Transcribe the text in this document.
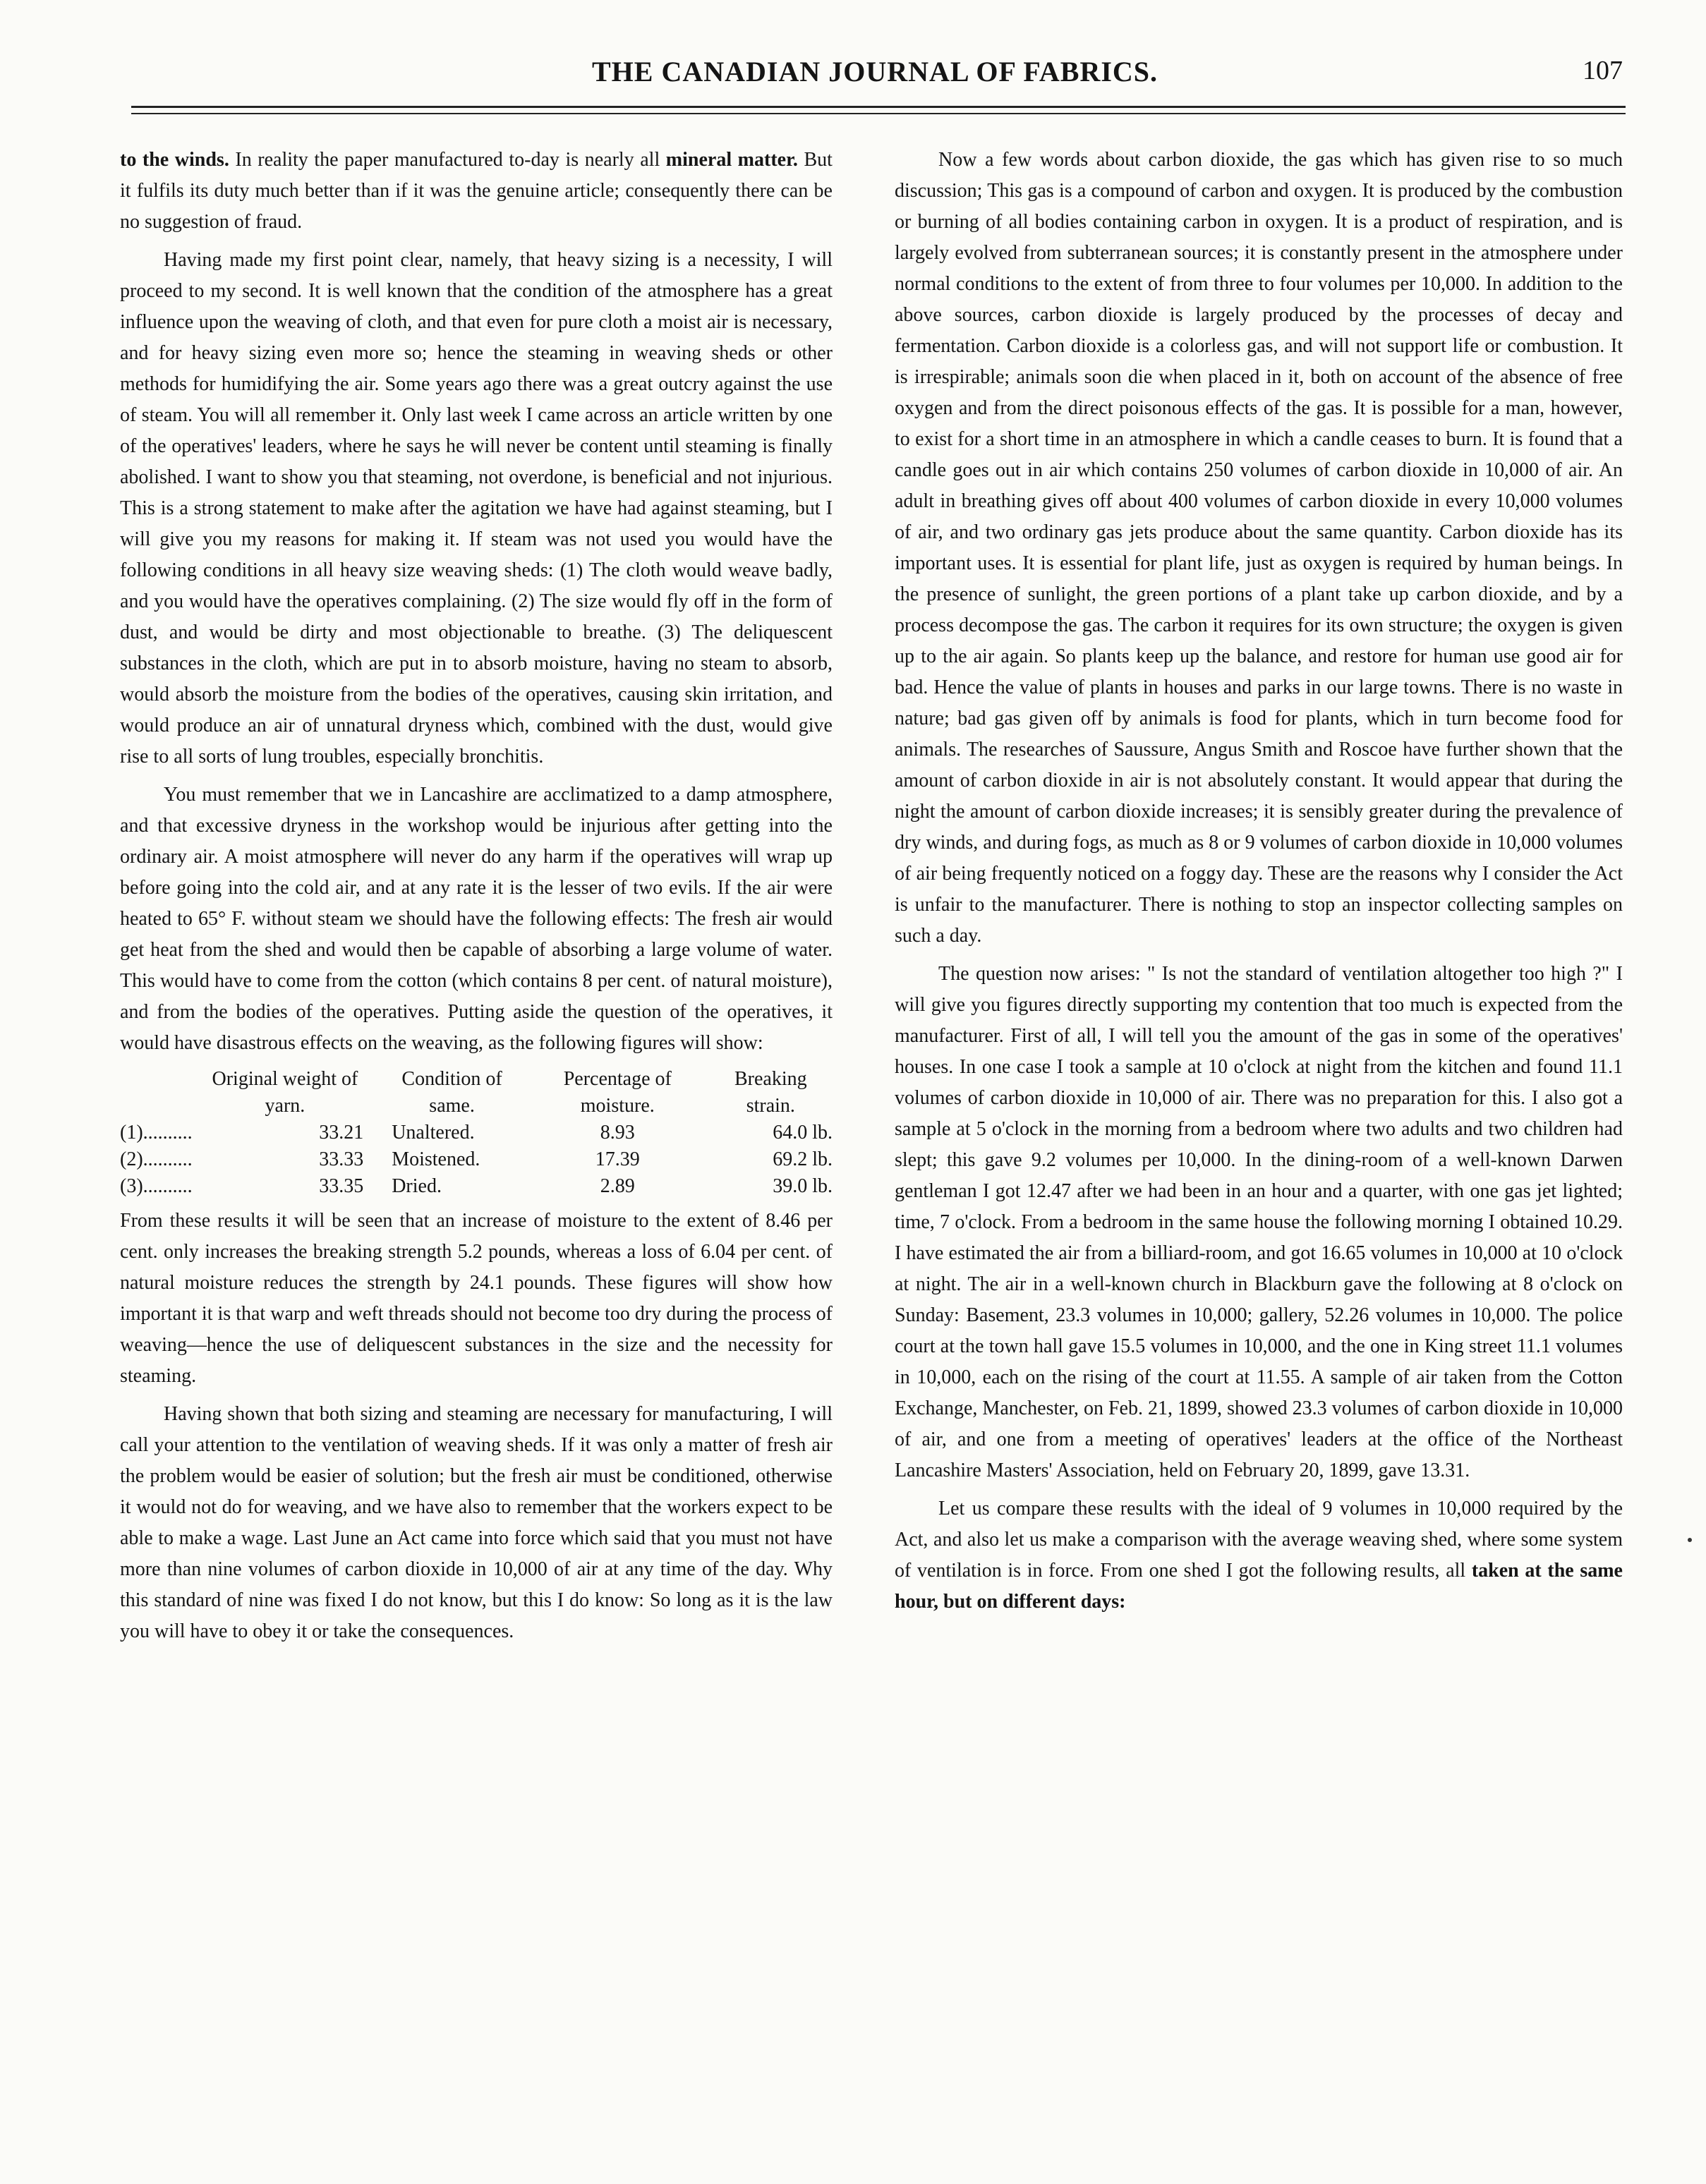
THE CANADIAN JOURNAL OF FABRICS.	107

to the winds. In reality the paper manufactured to-day is nearly all mineral matter. But it fulfils its duty much better than if it was the genuine article; consequently there can be no suggestion of fraud.

Having made my first point clear, namely, that heavy sizing is a necessity, I will proceed to my second. It is well known that the condition of the atmosphere has a great influence upon the weaving of cloth, and that even for pure cloth a moist air is necessary, and for heavy sizing even more so; hence the steaming in weaving sheds or other methods for humidifying the air. Some years ago there was a great outcry against the use of steam. You will all remember it. Only last week I came across an article written by one of the operatives' leaders, where he says he will never be content until steaming is finally abolished. I want to show you that steaming, not overdone, is beneficial and not injurious. This is a strong statement to make after the agitation we have had against steaming, but I will give you my reasons for making it. If steam was not used you would have the following conditions in all heavy size weaving sheds: (1) The cloth would weave badly, and you would have the operatives complaining. (2) The size would fly off in the form of dust, and would be dirty and most objectionable to breathe. (3) The deliquescent substances in the cloth, which are put in to absorb moisture, having no steam to absorb, would absorb the moisture from the bodies of the operatives, causing skin irritation, and would produce an air of unnatural dryness which, combined with the dust, would give rise to all sorts of lung troubles, especially bronchitis.

You must remember that we in Lancashire are acclimatized to a damp atmosphere, and that excessive dryness in the workshop would be injurious after getting into the ordinary air. A moist atmosphere will never do any harm if the operatives will wrap up before going into the cold air, and at any rate it is the lesser of two evils. If the air were heated to 65° F. without steam we should have the following effects: The fresh air would get heat from the shed and would then be capable of absorbing a large volume of water. This would have to come from the cotton (which contains 8 per cent. of natural moisture), and from the bodies of the operatives. Putting aside the question of the operatives, it would have disastrous effects on the weaving, as the following figures will show:

	Original weight of yarn.	Condition of same.	Percentage of moisture.	Breaking strain.
(1)..........	33.21	Unaltered.	8.93	64.0 lb.
(2)..........	33.33	Moistened.	17.39	69.2 lb.
(3)..........	33.35	Dried.	2.89	39.0 lb.

From these results it will be seen that an increase of moisture to the extent of 8.46 per cent. only increases the breaking strength 5.2 pounds, whereas a loss of 6.04 per cent. of natural moisture reduces the strength by 24.1 pounds. These figures will show how important it is that warp and weft threads should not become too dry during the process of weaving—hence the use of deliquescent substances in the size and the necessity for steaming.

Having shown that both sizing and steaming are necessary for manufacturing, I will call your attention to the ventilation of weaving sheds. If it was only a matter of fresh air the problem would be easier of solution; but the fresh air must be conditioned, otherwise it would not do for weaving, and we have also to remember that the workers expect to be able to make a wage. Last June an Act came into force which said that you must not have more than nine volumes of carbon dioxide in 10,000 of air at any time of the day. Why this standard of nine was fixed I do not know, but this I do know: So long as it is the law you will have to obey it or take the consequences.

Now a few words about carbon dioxide, the gas which has given rise to so much discussion; This gas is a compound of carbon and oxygen. It is produced by the combustion or burning of all bodies containing carbon in oxygen. It is a product of respiration, and is largely evolved from subterranean sources; it is constantly present in the atmosphere under normal conditions to the extent of from three to four volumes per 10,000. In addition to the above sources, carbon dioxide is largely produced by the processes of decay and fermentation. Carbon dioxide is a colorless gas, and will not support life or combustion. It is irrespirable; animals soon die when placed in it, both on account of the absence of free oxygen and from the direct poisonous effects of the gas. It is possible for a man, however, to exist for a short time in an atmosphere in which a candle ceases to burn. It is found that a candle goes out in air which contains 250 volumes of carbon dioxide in 10,000 of air. An adult in breathing gives off about 400 volumes of carbon dioxide in every 10,000 volumes of air, and two ordinary gas jets produce about the same quantity. Carbon dioxide has its important uses. It is essential for plant life, just as oxygen is required by human beings. In the presence of sunlight, the green portions of a plant take up carbon dioxide, and by a process decompose the gas. The carbon it requires for its own structure; the oxygen is given up to the air again. So plants keep up the balance, and restore for human use good air for bad. Hence the value of plants in houses and parks in our large towns. There is no waste in nature; bad gas given off by animals is food for plants, which in turn become food for animals. The researches of Saussure, Angus Smith and Roscoe have further shown that the amount of carbon dioxide in air is not absolutely constant. It would appear that during the night the amount of carbon dioxide increases; it is sensibly greater during the prevalence of dry winds, and during fogs, as much as 8 or 9 volumes of carbon dioxide in 10,000 volumes of air being frequently noticed on a foggy day. These are the reasons why I consider the Act is unfair to the manufacturer. There is nothing to stop an inspector collecting samples on such a day.

The question now arises: " Is not the standard of ventilation altogether too high ?" I will give you figures directly supporting my contention that too much is expected from the manufacturer. First of all, I will tell you the amount of the gas in some of the operatives' houses. In one case I took a sample at 10 o'clock at night from the kitchen and found 11.1 volumes of carbon dioxide in 10,000 of air. There was no preparation for this. I also got a sample at 5 o'clock in the morning from a bedroom where two adults and two children had slept; this gave 9.2 volumes per 10,000. In the dining-room of a well-known Darwen gentleman I got 12.47 after we had been in an hour and a quarter, with one gas jet lighted; time, 7 o'clock. From a bedroom in the same house the following morning I obtained 10.29. I have estimated the air from a billiard-room, and got 16.65 volumes in 10,000 at 10 o'clock at night. The air in a well-known church in Blackburn gave the following at 8 o'clock on Sunday: Basement, 23.3 volumes in 10,000; gallery, 52.26 volumes in 10,000. The police court at the town hall gave 15.5 volumes in 10,000, and the one in King street 11.1 volumes in 10,000, each on the rising of the court at 11.55. A sample of air taken from the Cotton Exchange, Manchester, on Feb. 21, 1899, showed 23.3 volumes of carbon dioxide in 10,000 of air, and one from a meeting of operatives' leaders at the office of the Northeast Lancashire Masters' Association, held on February 20, 1899, gave 13.31.

Let us compare these results with the ideal of 9 volumes in 10,000 required by the Act, and also let us make a comparison with the average weaving shed, where some system of ventilation is in force. From one shed I got the following results, all taken at the same hour, but on different days:
